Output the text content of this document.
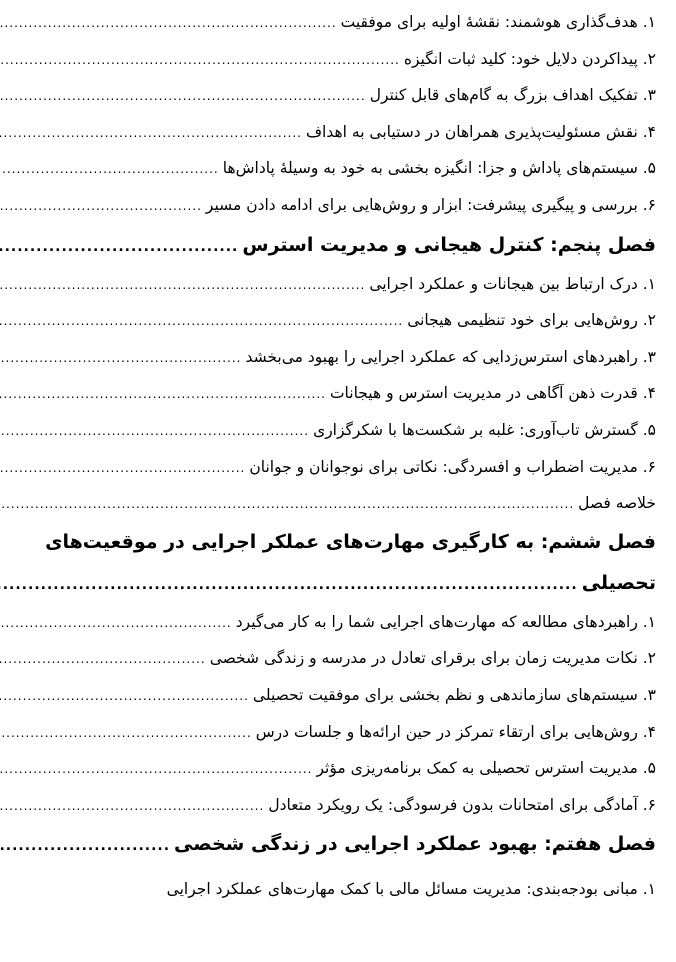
۱. هدف‌گذاری هوشمند: نقشهٔ اولیه برای موفقیت
.....
۲. پیداکردن دلایل خود: کلید ثبات انگیزه
.....
۳. تفکیک اهداف بزرگ به گام‌های قابل کنترل
.....
۴. نقش مسئولیت‌پذیری همراهان در دستیابی به اهداف
.....
۵. سیستم‌های پاداش و جزا: انگیزه بخشی به خود به وسیلهٔ پاداش‌ها
.....
۶. بررسی و پیگیری پیشرفت: ابزار و روش‌هایی برای ادامه دادن مسیر
.....
فصل پنجم: کنترل هیجانی و مدیریت استرس
.....
۱. درک ارتباط بین هیجانات و عملکرد اجرایی
.....
۲. روش‌هایی برای خود تنظیمی هیجانی
.....
۳. راهبردهای استرس‌زدایی که عملکرد اجرایی را بهبود می‌بخشد
.....
۴. قدرت ذهن آگاهی در مدیریت استرس و هیجانات
.....
۵. گسترش تاب‌آوری: غلبه بر شکست‌ها با شکرگزاری
.....
۶. مدیریت اضطراب و افسردگی: نکاتی برای نوجوانان و جوانان
.....
خلاصه فصل
.....
فصل ششم: به کارگیری مهارت‌های عملکر اجرایی در موقعیت‌های
تحصیلی
.....
۱. راهبردهای مطالعه که مهارت‌های اجرایی شما را به کار می‌گیرد
.....
۲. نکات مدیریت زمان برای برقرای تعادل در مدرسه و زندگی شخصی
.....
۳. سیستم‌های سازماندهی و نظم بخشی برای موفقیت تحصیلی
.....
۴. روش‌هایی برای ارتقاء تمرکز در حین ارائه‌ها و جلسات درس
.....
۵. مدیریت استرس تحصیلی به کمک برنامه‌ریزی مؤثر
.....
۶. آمادگی برای امتحانات بدون فرسودگی: یک رویکرد متعادل
.....
فصل هفتم: بهبود عملکرد اجرایی در زندگی شخصی
.....
۱. مبانی بودجه‌بندی: مدیریت مسائل مالی با کمک مهارت‌های عملکرد اجرایی
